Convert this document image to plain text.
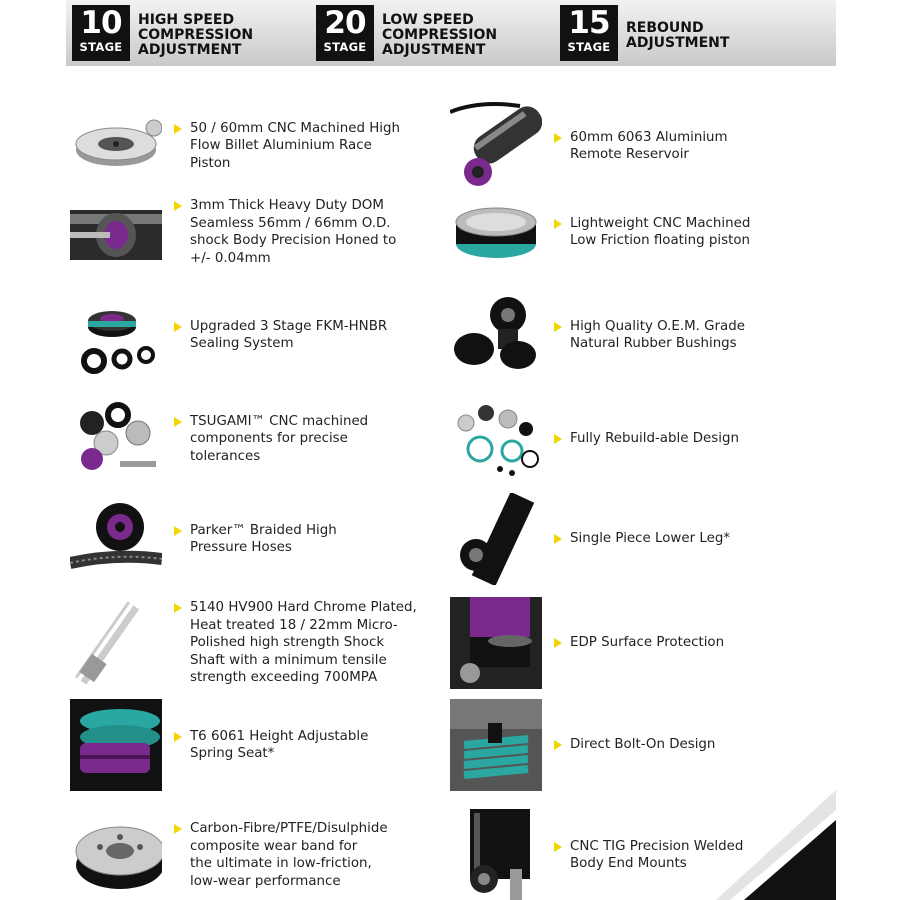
10
STAGE
HIGH SPEED
COMPRESSION
ADJUSTMENT
20
STAGE
LOW SPEED
COMPRESSION
ADJUSTMENT
15
STAGE
REBOUND
ADJUSTMENT
50 / 60mm CNC Machined High
Flow Billet Aluminium Race
Piston
3mm Thick Heavy Duty DOM
Seamless 56mm / 66mm O.D.
shock Body Precision Honed to
+/- 0.04mm
Upgraded 3 Stage FKM-HNBR
Sealing System
TSUGAMI™ CNC machined
components for precise
tolerances
Parker™ Braided High
Pressure Hoses
5140 HV900 Hard Chrome Plated,
Heat treated 18 / 22mm Micro-
Polished high strength Shock
Shaft with a minimum tensile
strength exceeding 700MPA
T6 6061 Height Adjustable
Spring Seat*
Carbon-Fibre/PTFE/Disulphide
composite wear band for
the ultimate in low-friction,
low-wear performance
60mm 6063 Aluminium
Remote Reservoir
Lightweight CNC Machined
Low Friction floating piston
High Quality O.E.M. Grade
Natural Rubber Bushings
Fully Rebuild-able Design
Single Piece Lower Leg*
EDP Surface Protection
Direct Bolt-On Design
CNC TIG Precision Welded
Body End Mounts
